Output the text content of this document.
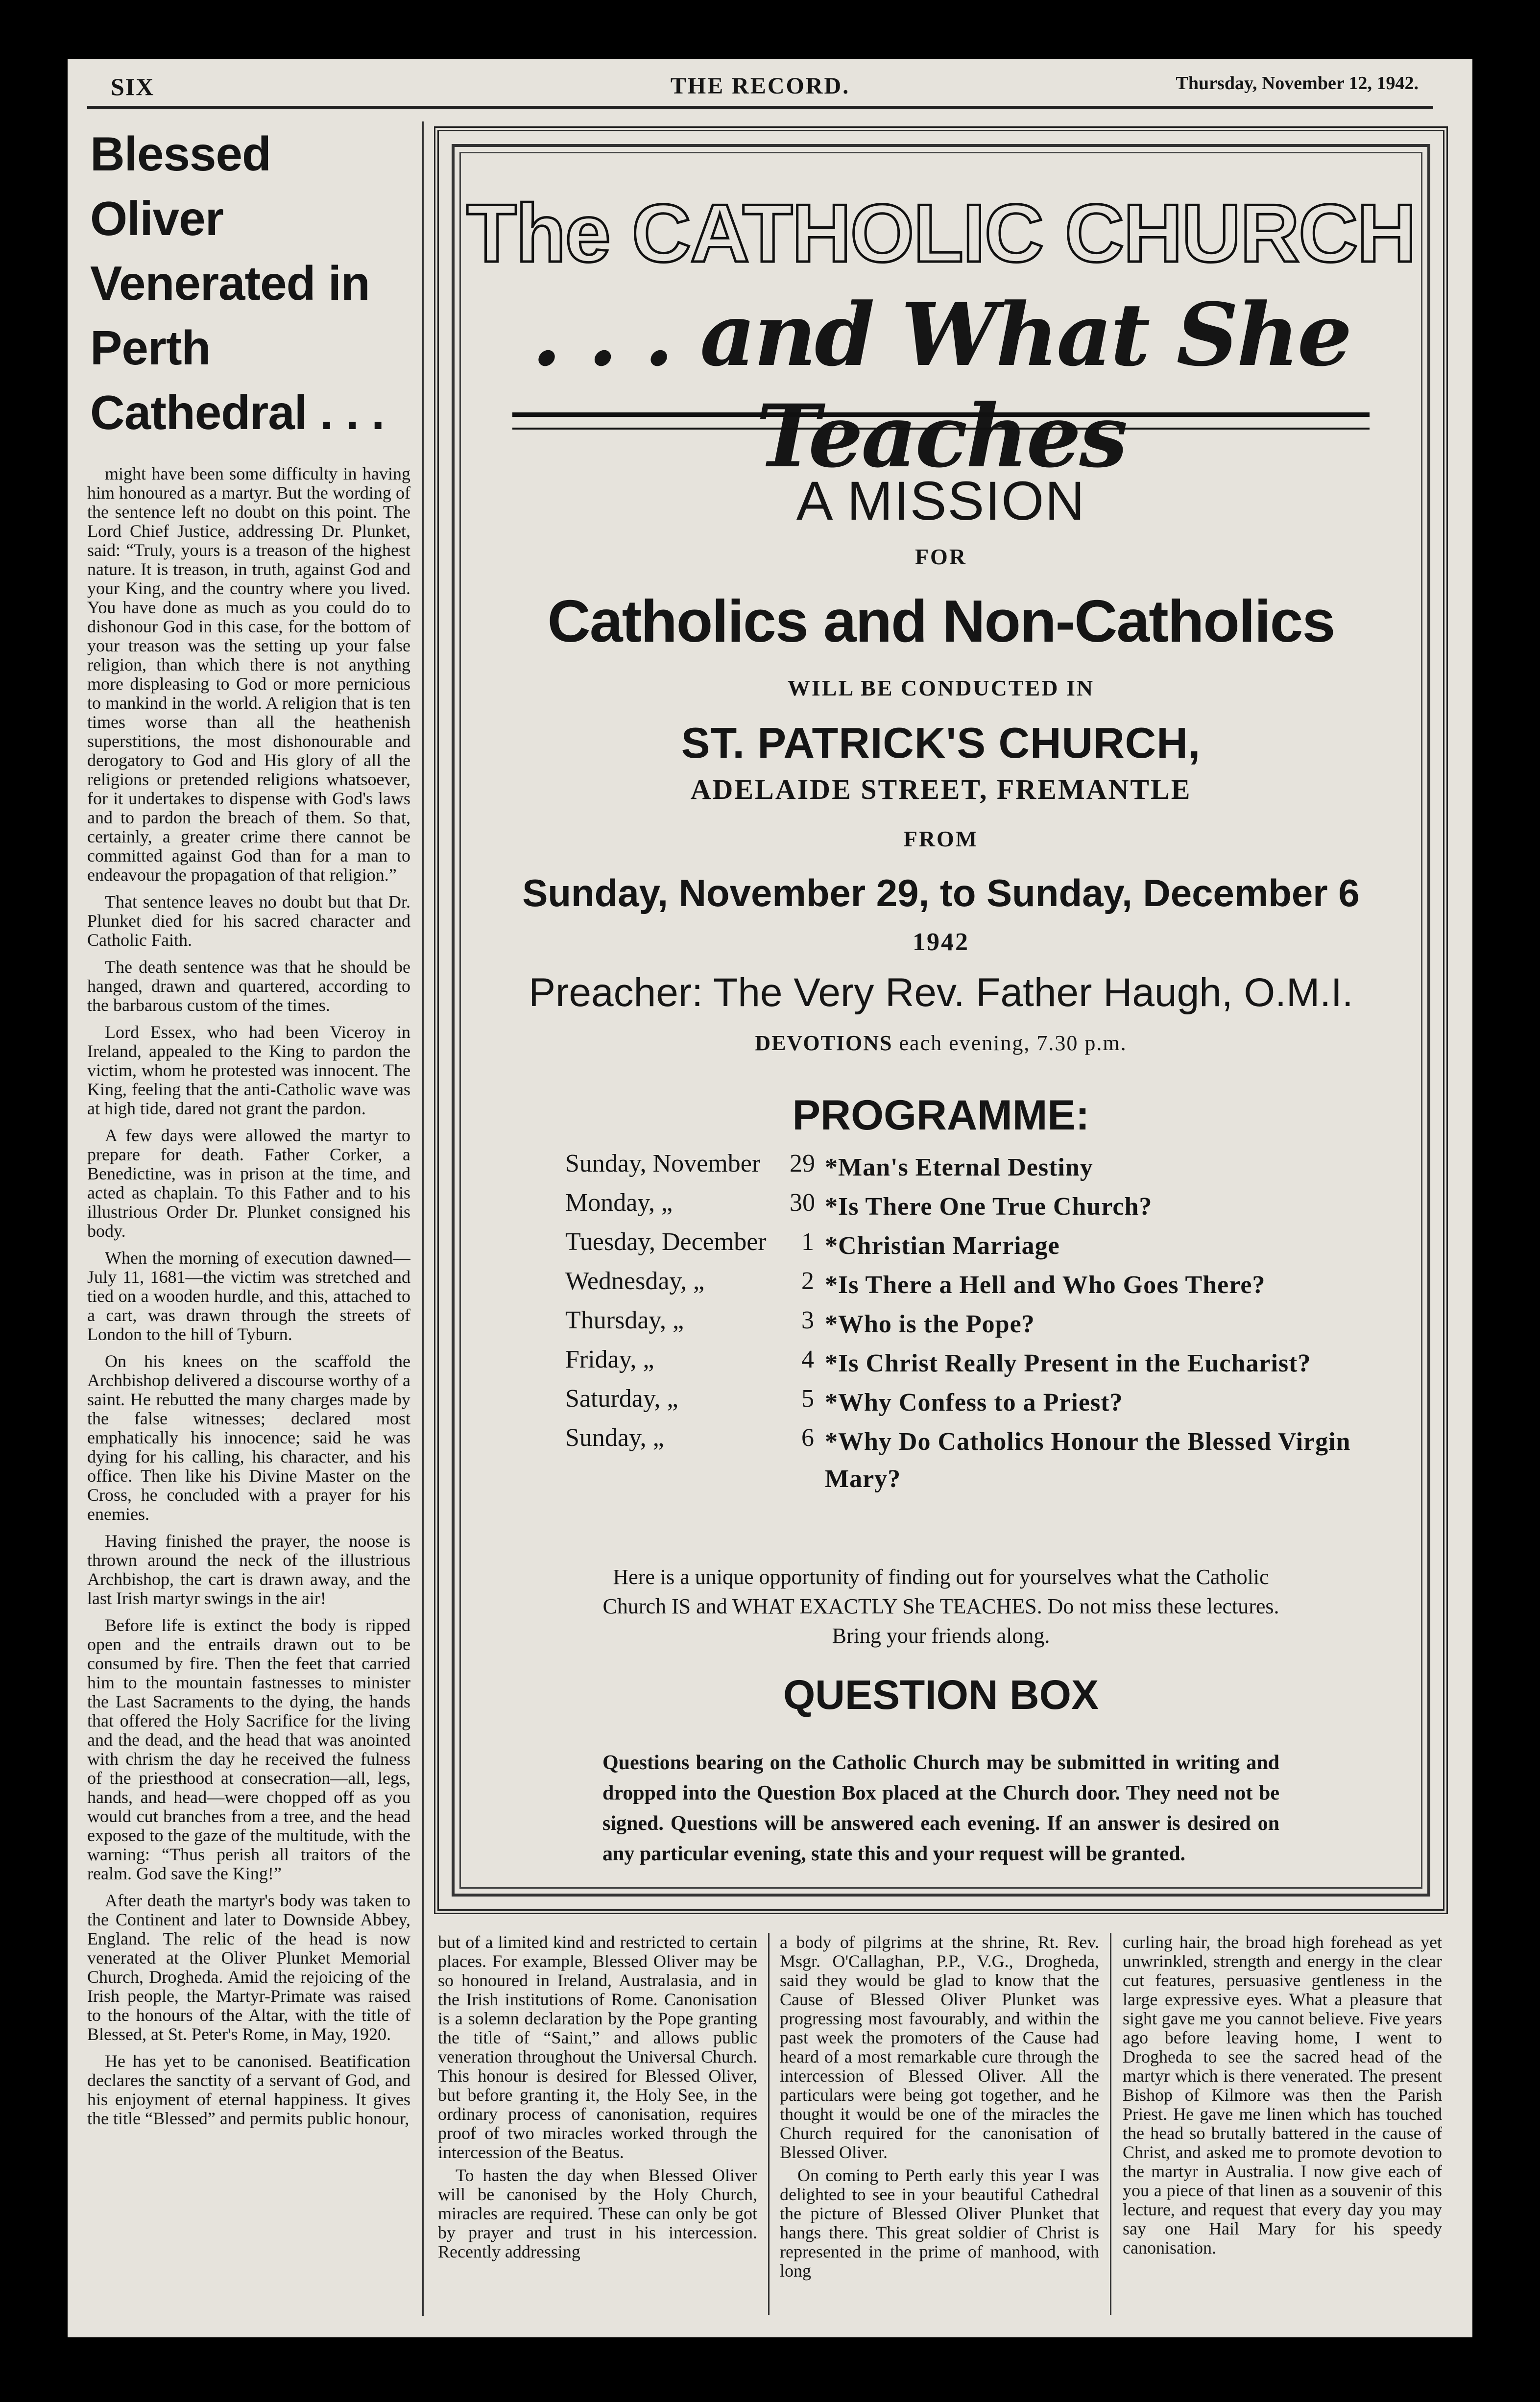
SIX	THE RECORD.	Thursday, November 12, 1942.
Blessed Oliver Venerated in Perth Cathedral . . .

might have been some difficulty in having him honoured as a martyr. But the wording of the sentence left no doubt on this point. The Lord Chief Justice, addressing Dr. Plunket, said: “Truly, yours is a treason of the highest nature. It is treason, in truth, against God and your King, and the country where you lived. You have done as much as you could do to dishonour God in this case, for the bottom of your treason was the setting up your false religion, than which there is not anything more displeasing to God or more pernicious to mankind in the world. A religion that is ten times worse than all the heathenish superstitions, the most dishonourable and derogatory to God and His glory of all the religions or pretended religions whatsoever, for it undertakes to dispense with God's laws and to pardon the breach of them. So that, certainly, a greater crime there cannot be committed against God than for a man to endeavour the propagation of that religion.”

That sentence leaves no doubt but that Dr. Plunket died for his sacred character and Catholic Faith.

The death sentence was that he should be hanged, drawn and quartered, according to the barbarous custom of the times.

Lord Essex, who had been Viceroy in Ireland, appealed to the King to pardon the victim, whom he protested was innocent. The King, feeling that the anti-Catholic wave was at high tide, dared not grant the pardon.

A few days were allowed the martyr to prepare for death. Father Corker, a Benedictine, was in prison at the time, and acted as chaplain. To this Father and to his illustrious Order Dr. Plunket consigned his body.

When the morning of execution dawned—July 11, 1681—the victim was stretched and tied on a wooden hurdle, and this, attached to a cart, was drawn through the streets of London to the hill of Tyburn.

On his knees on the scaffold the Archbishop delivered a discourse worthy of a saint. He rebutted the many charges made by the false witnesses; declared most emphatically his innocence; said he was dying for his calling, his character, and his office. Then like his Divine Master on the Cross, he concluded with a prayer for his enemies.

Having finished the prayer, the noose is thrown around the neck of the illustrious Archbishop, the cart is drawn away, and the last Irish martyr swings in the air!

Before life is extinct the body is ripped open and the entrails drawn out to be consumed by fire. Then the feet that carried him to the mountain fastnesses to minister the Last Sacraments to the dying, the hands that offered the Holy Sacrifice for the living and the dead, and the head that was anointed with chrism the day he received the fulness of the priesthood at consecration—all, legs, hands, and head—were chopped off as you would cut branches from a tree, and the head exposed to the gaze of the multitude, with the warning: “Thus perish all traitors of the realm. God save the King!”

After death the martyr's body was taken to the Continent and later to Downside Abbey, England. The relic of the head is now venerated at the Oliver Plunket Memorial Church, Drogheda. Amid the rejoicing of the Irish people, the Martyr-Primate was raised to the honours of the Altar, with the title of Blessed, at St. Peter's Rome, in May, 1920.

He has yet to be canonised. Beatification declares the sanctity of a servant of God, and his enjoyment of eternal happiness. It gives the title “Blessed” and permits public honour,

The CATHOLIC CHURCH
. . . and What She Teaches
A MISSION
FOR
Catholics and Non-Catholics
WILL BE CONDUCTED IN
ST. PATRICK'S CHURCH,
ADELAIDE STREET, FREMANTLE
FROM
Sunday, November 29, to Sunday, December 6
1942
Preacher: The Very Rev. Father Haugh, O.M.I.
DEVOTIONS each evening, 7.30 p.m.
PROGRAMME:
Sunday, November 29 *Man's Eternal Destiny
Monday, „	30 *Is There One True Church?
Tuesday, December	1 *Christian Marriage
Wednesday, „	2 *Is There a Hell and Who Goes There?
Thursday, „	3 *Who is the Pope?
Friday, „	4 *Is Christ Really Present in the Eucharist?
Saturday, „	5 *Why Confess to a Priest?
Sunday, „	6 *Why Do Catholics Honour the Blessed Virgin Mary?
Here is a unique opportunity of finding out for yourselves what the Catholic Church IS and WHAT EXACTLY She TEACHES. Do not miss these lectures. Bring your friends along.
QUESTION BOX
Questions bearing on the Catholic Church may be submitted in writing and dropped into the Question Box placed at the Church door. They need not be signed. Questions will be answered each evening. If an answer is desired on any particular evening, state this and your request will be granted.

but of a limited kind and restricted to certain places. For example, Blessed Oliver may be so honoured in Ireland, Australasia, and in the Irish institutions of Rome. Canonisation is a solemn declaration by the Pope granting the title of “Saint,” and allows public veneration throughout the Universal Church. This honour is desired for Blessed Oliver, but before granting it, the Holy See, in the ordinary process of canonisation, requires proof of two miracles worked through the intercession of the Beatus.

To hasten the day when Blessed Oliver will be canonised by the Holy Church, miracles are required. These can only be got by prayer and trust in his intercession. Recently addressing

a body of pilgrims at the shrine, Rt. Rev. Msgr. O'Callaghan, P.P., V.G., Drogheda, said they would be glad to know that the Cause of Blessed Oliver Plunket was progressing most favourably, and within the past week the promoters of the Cause had heard of a most remarkable cure through the intercession of Blessed Oliver. All the particulars were being got together, and he thought it would be one of the miracles the Church required for the canonisation of Blessed Oliver.

On coming to Perth early this year I was delighted to see in your beautiful Cathedral the picture of Blessed Oliver Plunket that hangs there. This great soldier of Christ is represented in the prime of manhood, with long

curling hair, the broad high forehead as yet unwrinkled, strength and energy in the clear cut features, persuasive gentleness in the large expressive eyes. What a pleasure that sight gave me you cannot believe. Five years ago before leaving home, I went to Drogheda to see the sacred head of the martyr which is there venerated. The present Bishop of Kilmore was then the Parish Priest. He gave me linen which has touched the head so brutally battered in the cause of Christ, and asked me to promote devotion to the martyr in Australia. I now give each of you a piece of that linen as a souvenir of this lecture, and request that every day you may say one Hail Mary for his speedy canonisation.
